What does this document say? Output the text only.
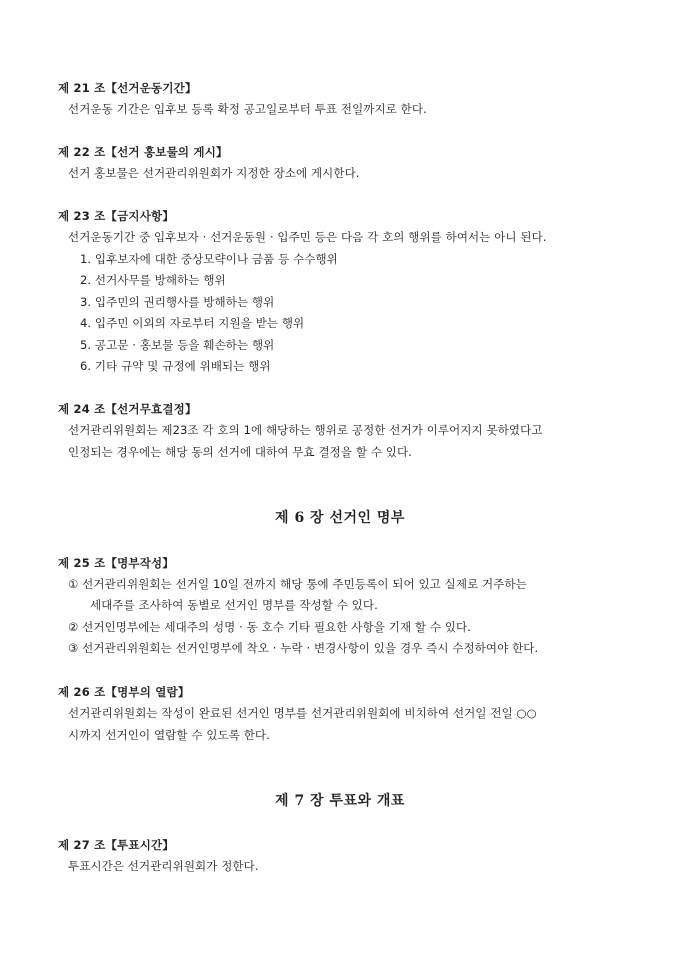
제 21 조【선거운동기간】
선거운동 기간은 입후보 등록 확정 공고일로부터 투표 전일까지로 한다.
제 22 조【선거 홍보물의 게시】
선거 홍보물은 선거관리위원회가 지정한 장소에 게시한다.
제 23 조【금지사항】
선거운동기간 중 입후보자 · 선거운동원 · 입주민 등은 다음 각 호의 행위를 하여서는 아니 된다.
1. 입후보자에 대한 중상모략이나 금품 등 수수행위
2. 선거사무를 방해하는 행위
3. 입주민의 권리행사를 방해하는 행위
4. 입주민 이외의 자로부터 지원을 받는 행위
5. 공고문 · 홍보물 등을 훼손하는 행위
6. 기타 규약 및 규정에 위배되는 행위
제 24 조【선거무효결정】
선거관리위원회는 제23조 각 호의 1에 해당하는 행위로 공정한 선거가 이루어지지 못하였다고
인정되는 경우에는 해당 동의 선거에 대하여 무효 결정을 할 수 있다.
제 6 장 선거인 명부
제 25 조【명부작성】
① 선거관리위원회는 선거일 10일 전까지 해당 통에 주민등록이 되어 있고 실제로 거주하는
세대주를 조사하여 동별로 선거인 명부를 작성할 수 있다.
② 선거인명부에는 세대주의 성명 · 동 호수 기타 필요한 사항을 기재 할 수 있다.
③ 선거관리위원회는 선거인명부에 착오 · 누락 · 변경사항이 있을 경우 즉시 수정하여야 한다.
제 26 조【명부의 열람】
선거관리위원회는 작성이 완료된 선거인 명부를 선거관리위원회에 비치하여 선거일 전일 ○○
시까지 선거인이 열람할 수 있도록 한다.
제 7 장 투표와 개표
제 27 조【투표시간】
투표시간은 선거관리위원회가 정한다.
